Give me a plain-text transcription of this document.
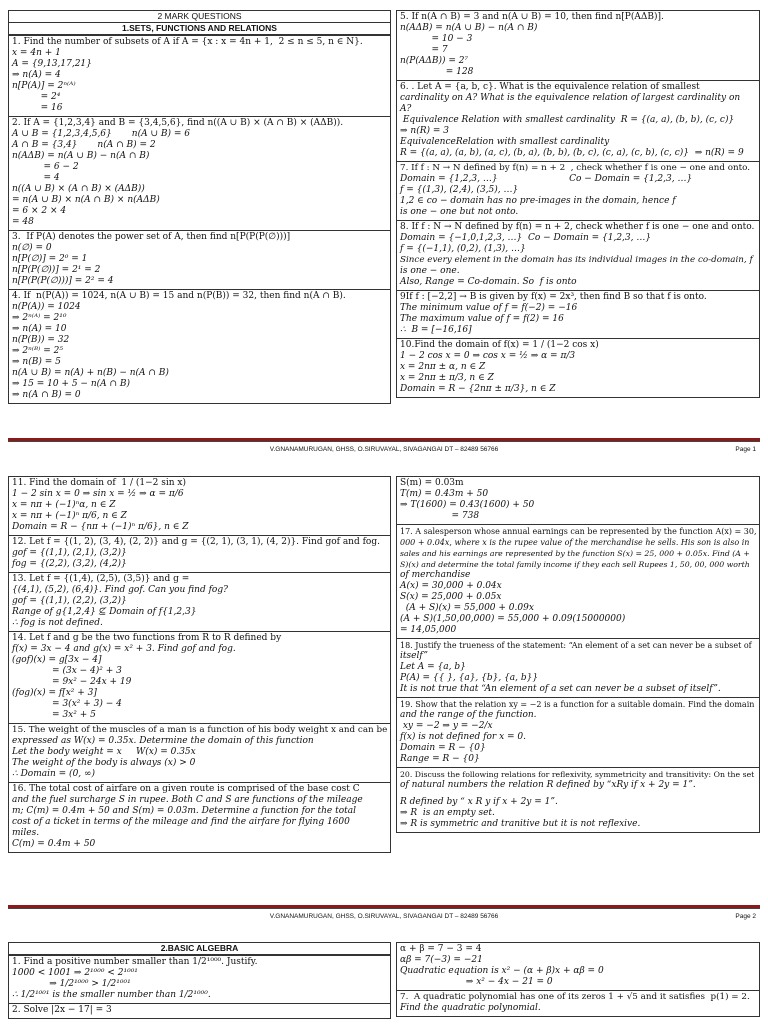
2 MARK QUESTIONS
1.SETS, FUNCTIONS AND RELATIONS
1. Find the number of subsets of A if A = {x : x = 4n + 1,  2 ≤ n ≤ 5, n ∈ N}.
x = 4n + 1
A = {9,13,17,21}
⇒ n(A) = 4
n[P(A)] = 2ⁿ⁽ᴬ⁾
= 2⁴
= 16
2. If A = {1,2,3,4} and B = {3,4,5,6}, find n((A ∪ B) × (A ∩ B) × (AΔB)).
A ∪ B = {1,2,3,4,5,6}       n(A ∪ B) = 6
A ∩ B = {3,4}       n(A ∩ B) = 2
n(AΔB) = n(A ∪ B) − n(A ∩ B)
= 6 − 2
= 4
n((A ∪ B) × (A ∩ B) × (AΔB))
= n(A ∪ B) × n(A ∩ B) × n(AΔB)
= 6 × 2 × 4
= 48
3.  If P(A) denotes the power set of A, then find n[P(P(P(∅)))]
n(∅) = 0
n[P(∅)] = 2⁰ = 1
n[P(P(∅))] = 2¹ = 2
n[P(P(P(∅)))] = 2² = 4
4. If  n(P(A)) = 1024, n(A ∪ B) = 15 and n(P(B)) = 32, then find n(A ∩ B).
n(P(A)) = 1024
⇒ 2ⁿ⁽ᴬ⁾ = 2¹⁰
⇒ n(A) = 10
n(P(B)) = 32
⇒ 2ⁿ⁽ᴮ⁾ = 2⁵
⇒ n(B) = 5
n(A ∪ B) = n(A) + n(B) − n(A ∩ B)
⇒ 15 = 10 + 5 − n(A ∩ B)
⇒ n(A ∩ B) = 0
5. If n(A ∩ B) = 3 and n(A ∪ B) = 10, then find n[P(AΔB)].
n(AΔB) = n(A ∪ B) − n(A ∩ B)
= 10 − 3
= 7
n(P(AΔB)) = 2⁷
= 128
6. . Let A = {a, b, c}. What is the equivalence relation of smallest
cardinality on A? What is the equivalence relation of largest cardinality on
A?
Equivalence Relation with smallest cardinality  R = {(a, a), (b, b), (c, c)}
⇒ n(R) = 3
EquivalenceRelation with smallest cardinality
R = {(a, a), (a, b), (a, c), (b, a), (b, b), (b, c), (c, a), (c, b), (c, c)}  ⇒ n(R) = 9
7. If f : N → N defined by f(n) = n + 2  , check whether f is one − one and onto.
Domain = {1,2,3, …}                         Co − Domain = {1,2,3, …}
f = {(1,3), (2,4), (3,5), …}
1,2 ∈ co − domain has no pre-images in the domain, hence f
is one − one but not onto.
8. If f : N → N defined by f(n) = n + 2, check whether f is one − one and onto.
Domain = {−1,0,1,2,3, …}  Co − Domain = {1,2,3, …}
f = {(−1,1), (0,2), (1,3), …}
Since every element in the domain has its individual images in the co-domain, f
is one − one.
Also, Range = Co-domain. So  f is onto
9If f : [−2,2] → B is given by f(x) = 2x³, then find B so that f is onto.
The minimum value of f = f(−2) = −16
The maximum value of f = f(2) = 16
∴  B = [−16,16]
10.Find the domain of f(x) = 1 / (1−2 cos x)
1 − 2 cos x = 0 ⇒ cos x = ½ ⇒ α = π/3
x = 2nπ ± α, n ∈ Z
x = 2nπ ± π/3, n ∈ Z
Domain = R − {2nπ ± π/3}, n ∈ Z
V.GNANAMURUGAN, GHSS, O.SIRUVAYAL, SIVAGANGAI DT – 82489 56766	Page 1
11. Find the domain of  1 / (1−2 sin x)
1 − 2 sin x = 0 ⇒ sin x = ½ ⇒ α = π/6
x = nπ + (−1)ⁿα, n ∈ Z
x = nπ + (−1)ⁿ π/6, n ∈ Z
Domain = R − {nπ + (−1)ⁿ π/6}, n ∈ Z
12. Let f = {(1, 2), (3, 4), (2, 2)} and g = {(2, 1), (3, 1), (4, 2)}. Find gof and fog.
gof = {(1,1), (2,1), (3,2)}
fog = {(2,2), (3,2), (4,2)}
13. Let f = {(1,4), (2,5), (3,5)} and g =
{(4,1), (5,2), (6,4)}. Find gof. Can you find fog?
gof = {(1,1), (2,2), (3,2)}
Range of g{1,2,4} ⊈ Domain of f{1,2,3}
∴ fog is not defined.
14. Let f and g be the two functions from R to R defined by
f(x) = 3x − 4 and g(x) = x² + 3. Find gof and fog.
(gof)(x) = g[3x − 4]
= (3x − 4)² + 3
= 9x² − 24x + 19
(fog)(x) = f[x² + 3]
= 3(x² + 3) − 4
= 3x² + 5
15. The weight of the muscles of a man is a function of his body weight x and can be
expressed as W(x) = 0.35x. Determine the domain of this function
Let the body weight = x     W(x) = 0.35x
The weight of the body is always (x) > 0
∴ Domain = (0, ∞)
16. The total cost of airfare on a given route is comprised of the base cost C
and the fuel surcharge S in rupee. Both C and S are functions of the mileage
m; C(m) = 0.4m + 50 and S(m) = 0.03m. Determine a function for the total
cost of a ticket in terms of the mileage and find the airfare for flying 1600
miles.
C(m) = 0.4m + 50
S(m) = 0.03m
T(m) = 0.43m + 50
⇒ T(1600) = 0.43(1600) + 50
= 738
17. A salesperson whose annual earnings can be represented by the function A(x) = 30,
000 + 0.04x, where x is the rupee value of the merchandise he sells. His son is also in
sales and his earnings are represented by the function S(x) = 25, 000 + 0.05x. Find (A +
S)(x) and determine the total family income if they each sell Rupees 1, 50, 00, 000 worth
of merchandise
A(x) = 30,000 + 0.04x
S(x) = 25,000 + 0.05x
(A + S)(x) = 55,000 + 0.09x
(A + S)(1,50,00,000) = 55,000 + 0.09(15000000)
= 14,05,000
18. Justify the trueness of the statement: “An element of a set can never be a subset of
itself”
Let A = {a, b}
P(A) = {{ }, {a}, {b}, {a, b}}
It is not true that “An element of a set can never be a subset of itself”.
19. Show that the relation xy = −2 is a function for a suitable domain. Find the domain
and the range of the function.
xy = −2 ⇒ y = −2/x
f(x) is not defined for x = 0.
Domain = R − {0}
Range = R − {0}
20. Discuss the following relations for reflexivity, symmetricity and transitivity: On the set
of natural numbers the relation R defined by “xRy if x + 2y = 1”.
R defined by “ x R y if x + 2y = 1”.
⇒ R  is an empty set.
⇒ R is symmetric and tranitive but it is not reflexive.
V.GNANAMURUGAN, GHSS, O.SIRUVAYAL, SIVAGANGAI DT – 82489 56766	Page 2
2.BASIC ALGEBRA
1. Find a positive number smaller than 1/2¹⁰⁰⁰. Justify.
1000 < 1001 ⇒ 2¹⁰⁰⁰ < 2¹⁰⁰¹
⇒ 1/2¹⁰⁰⁰ > 1/2¹⁰⁰¹
∴ 1/2¹⁰⁰¹ is the smaller number than 1/2¹⁰⁰⁰.
2. Solve |2x − 17| = 3
α + β = 7 − 3 = 4
αβ = 7(−3) = −21
Quadratic equation is x² − (α + β)x + αβ = 0
⇒ x² − 4x − 21 = 0
7.  A quadratic polynomial has one of its zeros 1 + √5 and it satisfies  p(1) = 2.
Find the quadratic polynomial.
